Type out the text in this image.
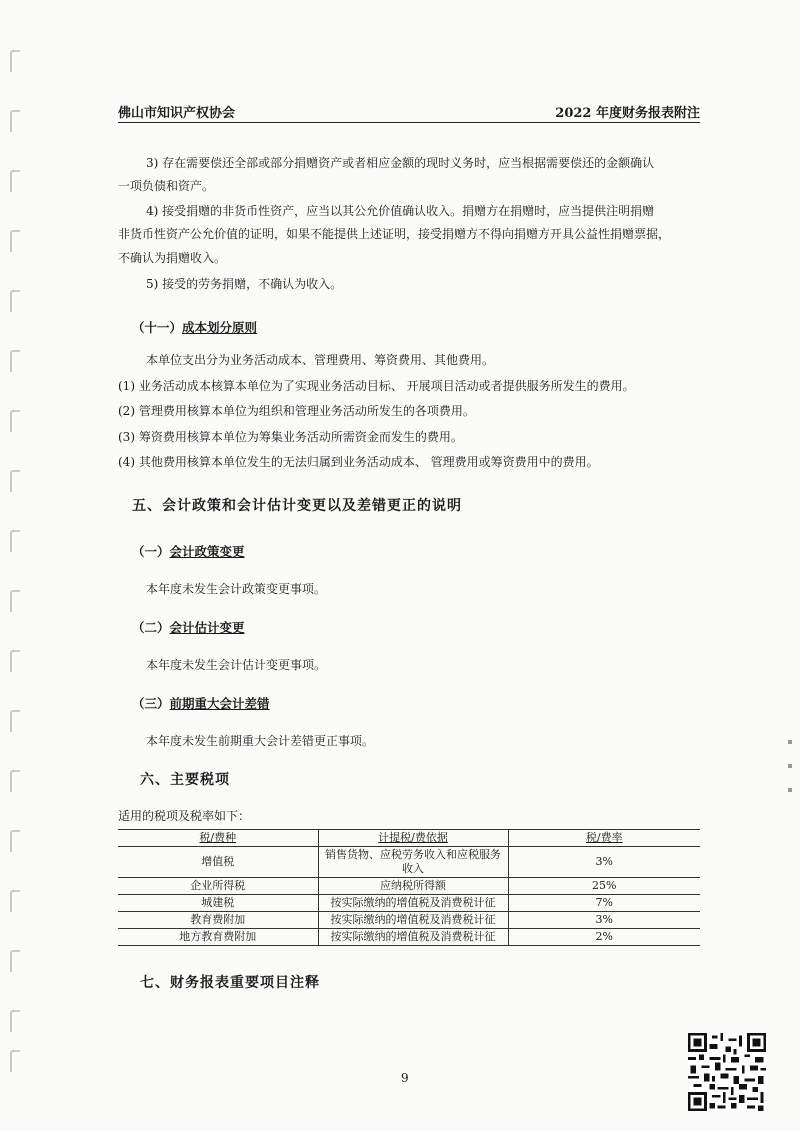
佛山市知识产权协会	2022 年度财务报表附注
3) 存在需要偿还全部或部分捐赠资产或者相应金额的现时义务时，应当根据需要偿还的金额确认
一项负债和资产。
4) 接受捐赠的非货币性资产，应当以其公允价值确认收入。捐赠方在捐赠时，应当提供注明捐赠
非货币性资产公允价值的证明，如果不能提供上述证明，接受捐赠方不得向捐赠方开具公益性捐赠票据，
不确认为捐赠收入。
5) 接受的劳务捐赠，不确认为收入。
（十一）成本划分原则
本单位支出分为业务活动成本、管理费用、筹资费用、其他费用。
(1) 业务活动成本核算本单位为了实现业务活动目标、 开展项目活动或者提供服务所发生的费用。
(2) 管理费用核算本单位为组织和管理业务活动所发生的各项费用。
(3) 筹资费用核算本单位为筹集业务活动所需资金而发生的费用。
(4) 其他费用核算本单位发生的无法归属到业务活动成本、 管理费用或筹资费用中的费用。
五、会计政策和会计估计变更以及差错更正的说明
（一）会计政策变更
本年度未发生会计政策变更事项。
（二）会计估计变更
本年度未发生会计估计变更事项。
（三）前期重大会计差错
本年度未发生前期重大会计差错更正事项。
六、主要税项
适用的税项及税率如下：
税/费种	计提税/费依据	税/费率
增值税	销售货物、应税劳务收入和应税服务收入	3%
企业所得税	应纳税所得额	25%
城建税	按实际缴纳的增值税及消费税计征	7%
教育费附加	按实际缴纳的增值税及消费税计征	3%
地方教育费附加	按实际缴纳的增值税及消费税计征	2%
七、财务报表重要项目注释
9
